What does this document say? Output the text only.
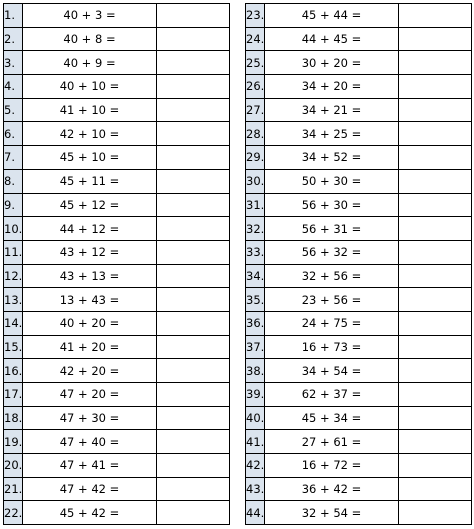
1.	40 + 3 =	
2.	40 + 8 =	
3.	40 + 9 =	
4.	40 + 10 =	
5.	41 + 10 =	
6.	42 + 10 =	
7.	45 + 10 =	
8.	45 + 11 =	
9.	45 + 12 =	
10.	44 + 12 =	
11.	43 + 12 =	
12.	43 + 13 =	
13.	13 + 43 =	
14.	40 + 20 =	
15.	41 + 20 =	
16.	42 + 20 =	
17.	47 + 20 =	
18.	47 + 30 =	
19.	47 + 40 =	
20.	47 + 41 =	
21.	47 + 42 =	
22.	45 + 42 =	
23.	45 + 44 =	
24.	44 + 45 =	
25.	30 + 20 =	
26.	34 + 20 =	
27.	34 + 21 =	
28.	34 + 25 =	
29.	34 + 52 =	
30.	50 + 30 =	
31.	56 + 30 =	
32.	56 + 31 =	
33.	56 + 32 =	
34.	32 + 56 =	
35.	23 + 56 =	
36.	24 + 75 =	
37.	16 + 73 =	
38.	34 + 54 =	
39.	62 + 37 =	
40.	45 + 34 =	
41.	27 + 61 =	
42.	16 + 72 =	
43.	36 + 42 =	
44.	32 + 54 =	
